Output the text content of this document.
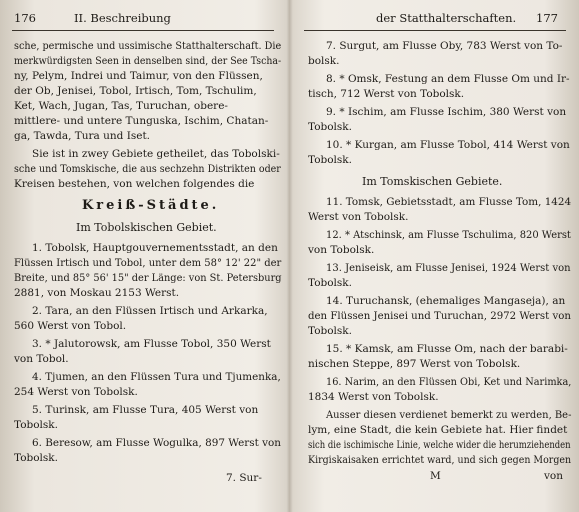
176	II. Beschreibung
sche, permische und ussimische Statthalterschaft. Die
merkwürdigsten Seen in denselben sind, der See Tscha-
ny, Pelym, Indrei und Taimur, von den Flüssen,
der Ob, Jenisei, Tobol, Irtisch, Tom, Tschulim,
Ket, Wach, Jugan, Tas, Turuchan, obere-
mittlere- und untere Tunguska, Ischim, Chatan-
ga, Tawda, Tura und Iset.
Sie ist in zwey Gebiete getheilet, das Tobolski-
sche und Tomskische, die aus sechzehn Distrikten oder
Kreisen bestehen, von welchen folgendes die
Kreiß-Städte.
Im Tobolskischen Gebiet.
1. Tobolsk, Hauptgouvernementsstadt, an den
Flüssen Irtisch und Tobol, unter dem 58° 12' 22" der
Breite, und 85° 56' 15" der Länge: von St. Petersburg
2881, von Moskau 2153 Werst.
2. Tara, an den Flüssen Irtisch und Arkarka,
560 Werst von Tobol.
3. * Jalutorowsk, am Flusse Tobol, 350 Werst
von Tobol.
4. Tjumen, an den Flüssen Tura und Tjumenka,
254 Werst von Tobolsk.
5. Turinsk, am Flusse Tura, 405 Werst von
Tobolsk.
6. Beresow, am Flusse Wogulka, 897 Werst von
Tobolsk.
7. Sur-
der Statthalterschaften. 177
7. Surgut, am Flusse Oby, 783 Werst von To-
bolsk.
8. * Omsk, Festung an dem Flusse Om und Ir-
tisch, 712 Werst von Tobolsk.
9. * Ischim, am Flusse Ischim, 380 Werst von
Tobolsk.
10. * Kurgan, am Flusse Tobol, 414 Werst von
Tobolsk.
Im Tomskischen Gebiete.
11. Tomsk, Gebietsstadt, am Flusse Tom, 1424
Werst von Tobolsk.
12. * Atschinsk, am Flusse Tschulima, 820 Werst
von Tobolsk.
13. Jeniseisk, am Flusse Jenisei, 1924 Werst von
Tobolsk.
14. Turuchansk, (ehemaliges Mangaseja), an
den Flüssen Jenisei und Turuchan, 2972 Werst von
Tobolsk.
15. * Kamsk, am Flusse Om, nach der barabi-
nischen Steppe, 897 Werst von Tobolsk.
16. Narim, an den Flüssen Obi, Ket und Narimka,
1834 Werst von Tobolsk.
Ausser diesen verdienet bemerkt zu werden, Be-
lym, eine Stadt, die kein Gebiete hat. Hier findet
sich die ischimische Linie, welche wider die herumziehenden
Kirgiskaisaken errichtet ward, und sich gegen Morgen
M	von
